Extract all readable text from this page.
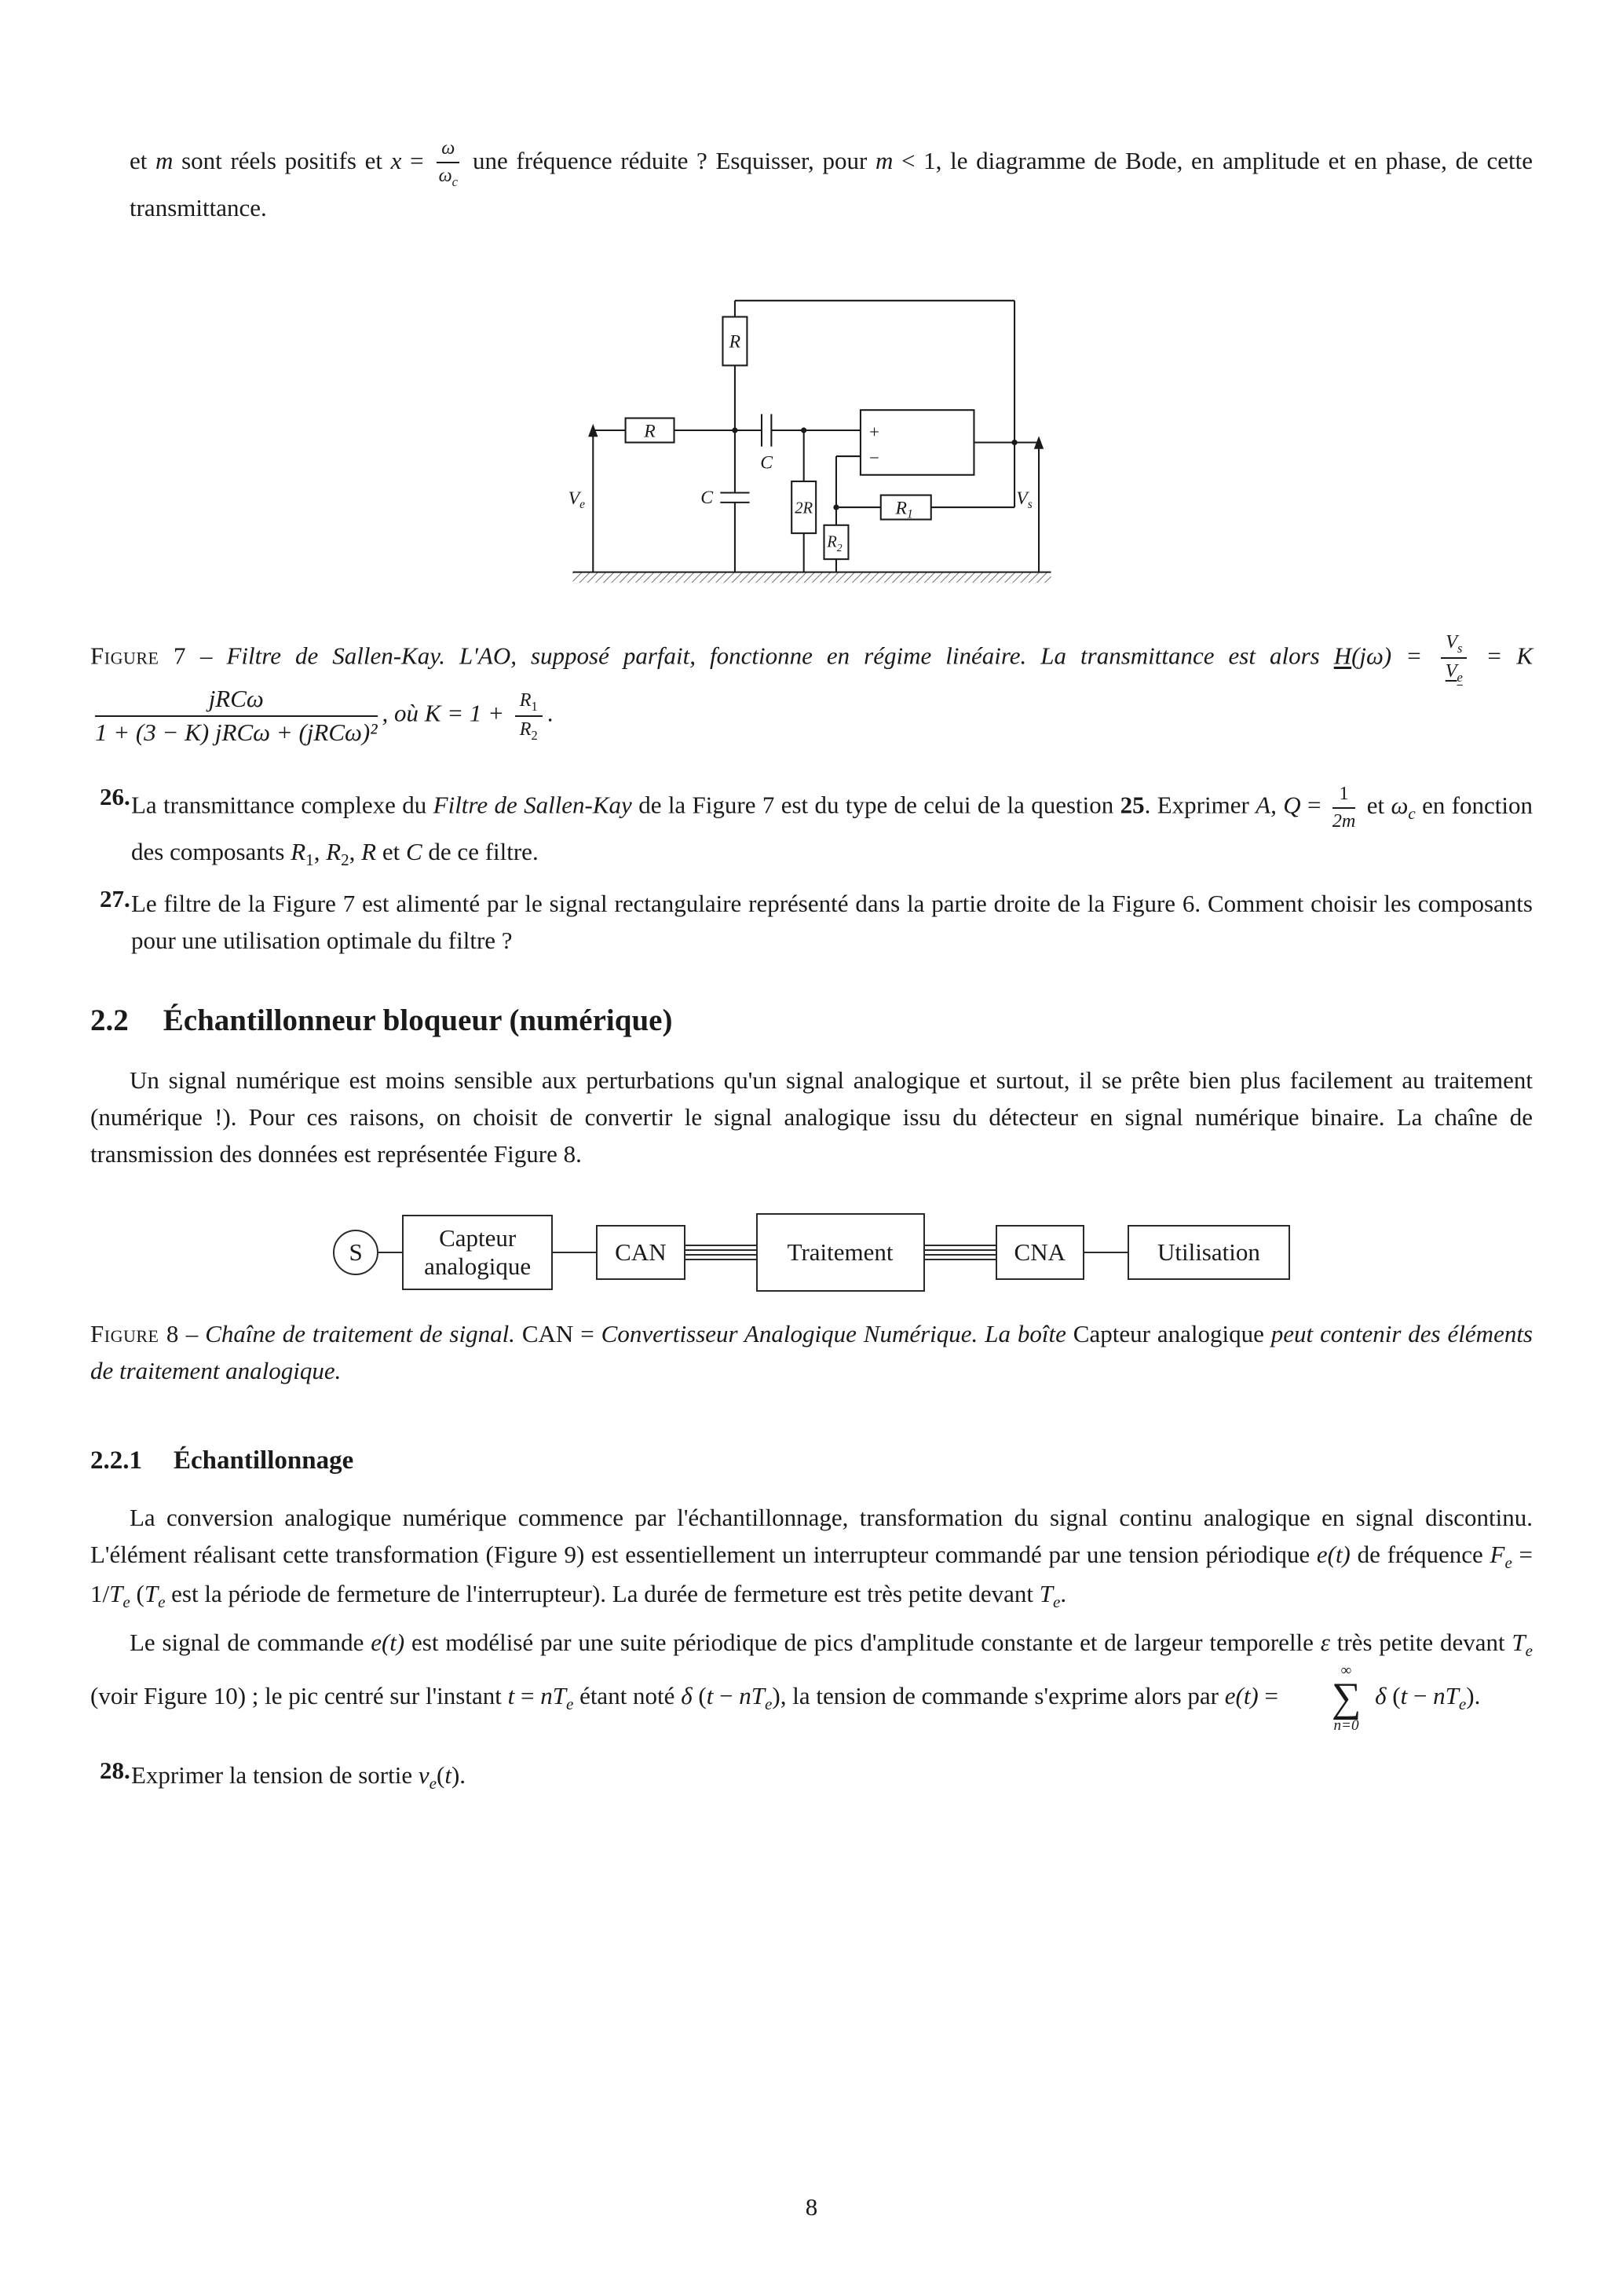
et m sont réels positifs et $x = \frac{\omega}{\omega_c}$ une fréquence réduite ? Esquisser, pour m < 1, le diagramme de Bode, en amplitude et en phase, de cette transmittance.
R
R
C
C
2R
+
−
$R_1$
$R_2$
$V_e$	$V_s$
Figure 7 – Filtre de Sallen-Kay. L'AO, supposé parfait, fonctionne en régime linéaire. La transmittance est alors $H(j\omega) = \frac{V_s}{V_e} = K$
$\frac{\text{jRCω}}{\text{1 + (3 − K) jRCω + (jRCω)²}}$ , où $K = 1 + \frac{R_1}{R_2}$ .
26. La transmittance complexe du Filtre de Sallen-Kay de la Figure 7 est du type de celui de la question 25. Exprimer A, $Q = \frac{1}{2m}$ et $\omega_c$ en fonction des composants $R_1$, $R_2$, R et C de ce filtre.
27. Le filtre de la Figure 7 est alimenté par le signal rectangulaire représenté dans la partie droite de la Figure 6. Comment choisir les composants pour une utilisation optimale du filtre ?
2.2 Échantillonneur bloqueur (numérique)
Un signal numérique est moins sensible aux perturbations qu'un signal analogique et surtout, il se prête bien plus facilement au traitement (numérique !). Pour ces raisons, on choisit de convertir le signal analogique issu du détecteur en signal numérique binaire. La chaîne de transmission des données est représentée Figure 8.
S
Capteur
analogique
CAN	Traitement	CNA	Utilisation
Figure 8 – Chaîne de traitement de signal. CAN = Convertisseur Analogique Numérique. La boîte Capteur analogique peut contenir des éléments de traitement analogique.
2.2.1 Échantillonnage
La conversion analogique numérique commence par l'échantillonnage, transformation du signal continu analogique en signal discontinu. L'élément réalisant cette transformation (Figure 9) est essentiellement un interrupteur commandé par une tension périodique e(t) de fréquence $F_e = 1/T_e$ ($T_e$ est la période de fermeture de l'interrupteur). La durée de fermeture est très petite devant $T_e$.
Le signal de commande e(t) est modélisé par une suite périodique de pics d'amplitude constante et de largeur temporelle ε très petite devant $T_e$ (voir Figure 10) ; le pic centré sur l'instant $t = nT_e$ étant noté δ $(t - nT_e)$, la tension de commande s'exprime alors par e(t) =
∞
∑
n=0
δ $(t - nT_e)$.
28. Exprimer la tension de sortie $v_e(t)$.
8
